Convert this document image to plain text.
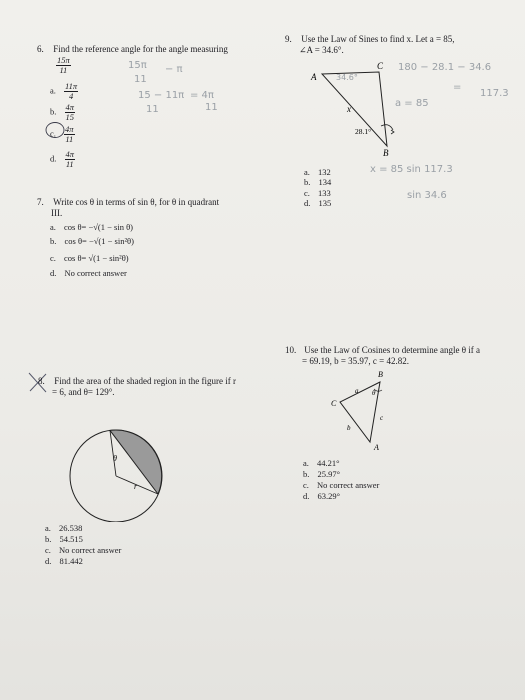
6. Find the reference angle for the angle measuring
$\frac{15\pi}{11}$
a. $\frac{11\pi}{4}$
b. $\frac{4\pi}{15}$
c. $\frac{4\pi}{11}$
d. $\frac{4\pi}{11}$
15π
11
− π
15 − 11π = 4π
11	11
7. Write cos θ in terms of sin θ, for θ in quadrant
III.
a. cos θ= −√(1 − sin θ)
b. cos θ= −√(1 − sin²θ)
c. cos θ= √(1 − sin²θ)
d. No correct answer
8. Find the area of the shaded region in the figure if r
= 6, and θ= 129°.
θ
r
a. 26.538
b. 54.515
c. No correct answer
d. 81.442
9. Use the Law of Sines to find x. Let a = 85,
∠A = 34.6°.
A
C
B
x
28.1°
34.6°
180 − 28.1 − 34.6
=
117.3
a = 85
x = 85 sin 117.3
sin 34.6
a. 132
b. 134
c. 133
d. 135
10. Use the Law of Cosines to determine angle θ if a
= 69.19, b = 35.97, c = 42.82.
B
C
A
a
c
b
θ
a. 44.21°
b. 25.97°
c. No correct answer
d. 63.29°
